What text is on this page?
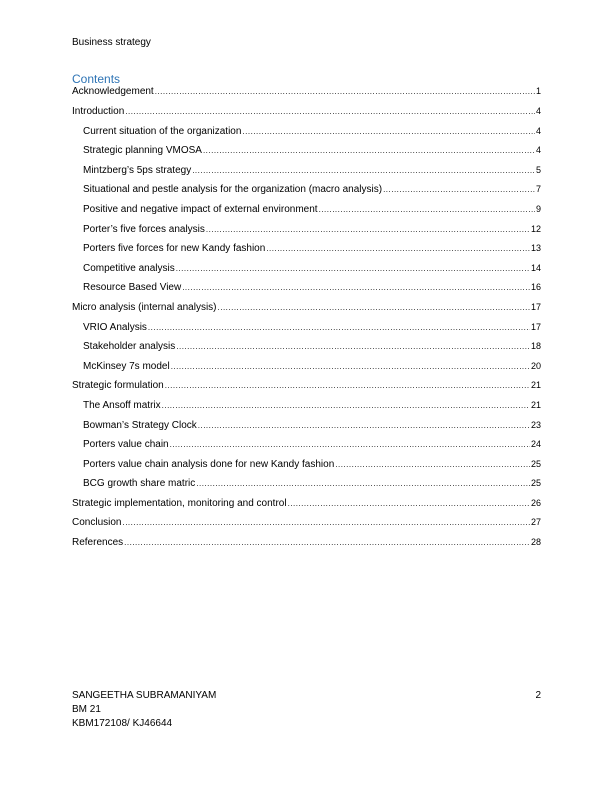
Business strategy
Contents
Acknowledgement .....	1
Introduction .....	4
Current situation of the organization .....	4
Strategic planning VMOSA .....	4
Mintzberg’s 5ps strategy .....	5
Situational and pestle analysis for the organization (macro analysis) .....	7
Positive and negative impact of external environment .....	9
Porter’s five forces analysis .....	12
Porters five forces for new Kandy fashion .....	13
Competitive analysis .....	14
Resource Based View .....	16
Micro analysis (internal analysis) .....	17
VRIO Analysis .....	17
Stakeholder analysis .....	18
McKinsey 7s model .....	20
Strategic formulation .....	21
The Ansoff matrix .....	21
Bowman’s Strategy Clock .....	23
Porters value chain .....	24
Porters value chain analysis done for new Kandy fashion .....	25
BCG growth share matric .....	25
Strategic implementation, monitoring and control .....	26
Conclusion .....	27
References .....	28
SANGEETHA SUBRAMANIYAM
BM 21
KBM172108/ KJ46644
2
